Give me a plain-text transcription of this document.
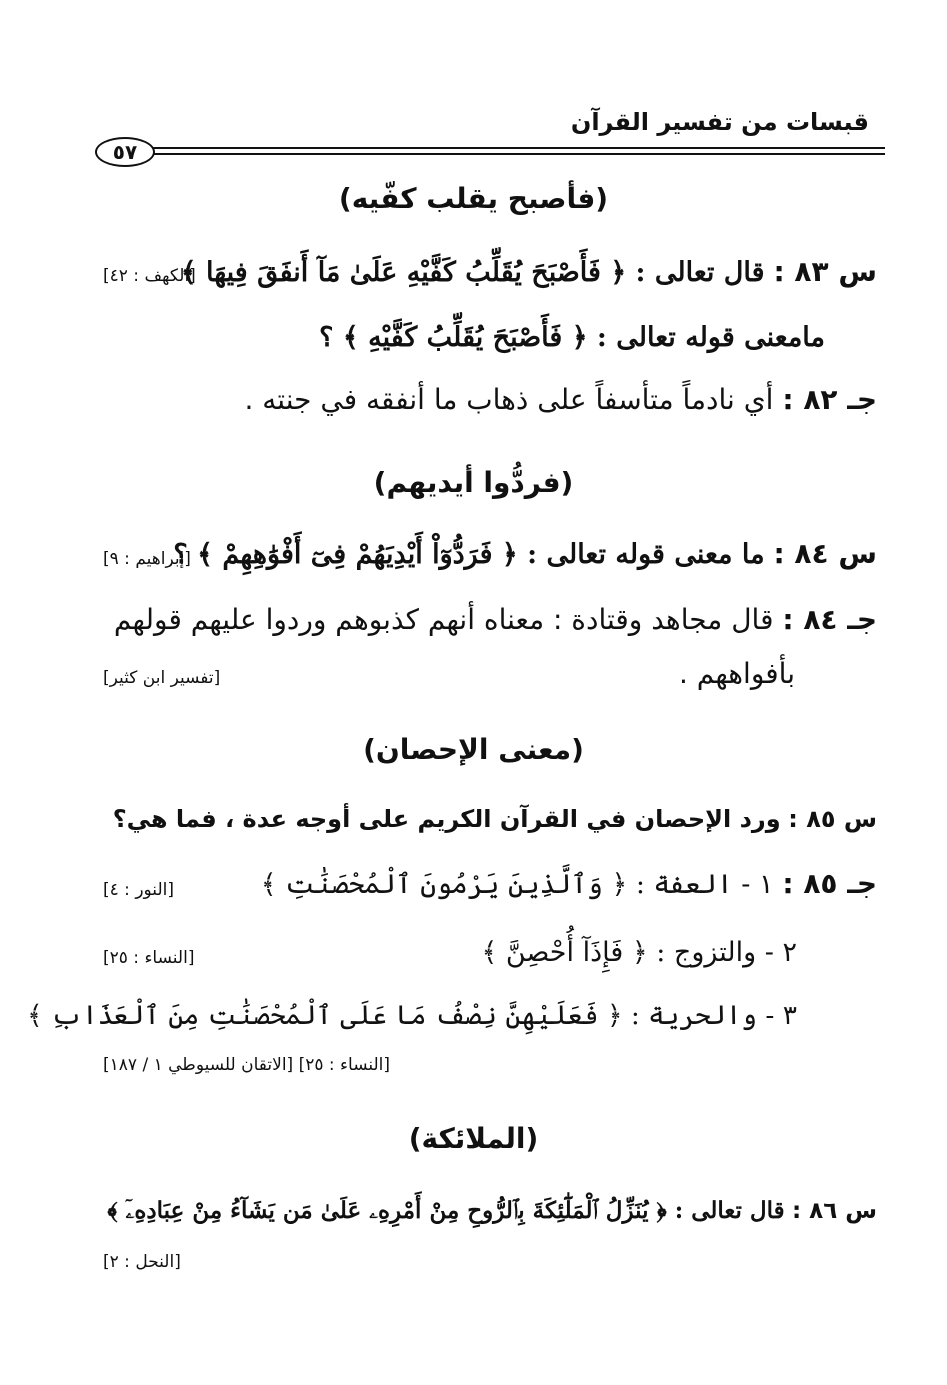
قبسات من تفسير القرآن
٥٧
(فأصبح يقلب كفّيه)
س ٨٣ : قال تعالى : ﴿ فَأَصْبَحَ يُقَلِّبُ كَفَّيْهِ عَلَىٰ مَآ أَنفَقَ فِيهَا ﴾
[الكهف : ٤٢]
مامعنى قوله تعالى : ﴿ فَأَصْبَحَ يُقَلِّبُ كَفَّيْهِ ﴾ ؟
جـ ٨٢ : أي نادماً متأسفاً على ذهاب ما أنفقه في جنته .
(فردُّوا أيديهم)
س ٨٤ : ما معنى قوله تعالى : ﴿ فَرَدُّوٓاْ أَيْدِيَهُمْ فِىٓ أَفْوَٰهِهِمْ ﴾ ؟
[إبراهيم : ٩]
جـ ٨٤ : قال مجاهد وقتادة : معناه أنهم كذبوهم وردوا عليهم قولهم
بأفواههم .
[تفسير ابن كثير]
(معنى الإحصان)
س ٨٥ : ورد الإحصان في القرآن الكريم على أوجه عدة ، فما هي؟
جـ ٨٥ : ١ - العفة : ﴿ وَٱلَّذِينَ يَرْمُونَ ٱلْمُحْصَنَٰتِ ﴾
[النور : ٤]
٢ - والتزوج : ﴿ فَإِذَآ أُحْصِنَّ ﴾
[النساء : ٢٥]
٣ - والحرية : ﴿ فَعَلَيْهِنَّ نِصْفُ مَا عَلَى ٱلْمُحْصَنَٰتِ مِنَ ٱلْعَذَابِ ﴾
[النساء : ٢٥] [الاتقان للسيوطي ١ / ١٨٧]
(الملائكة)
س ٨٦ : قال تعالى : ﴿ يُنَزِّلُ ٱلْمَلَٰٓئِكَةَ بِٱلرُّوحِ مِنْ أَمْرِهِۦ عَلَىٰ مَن يَشَآءُ مِنْ عِبَادِهِۦٓ ﴾
[النحل : ٢]
